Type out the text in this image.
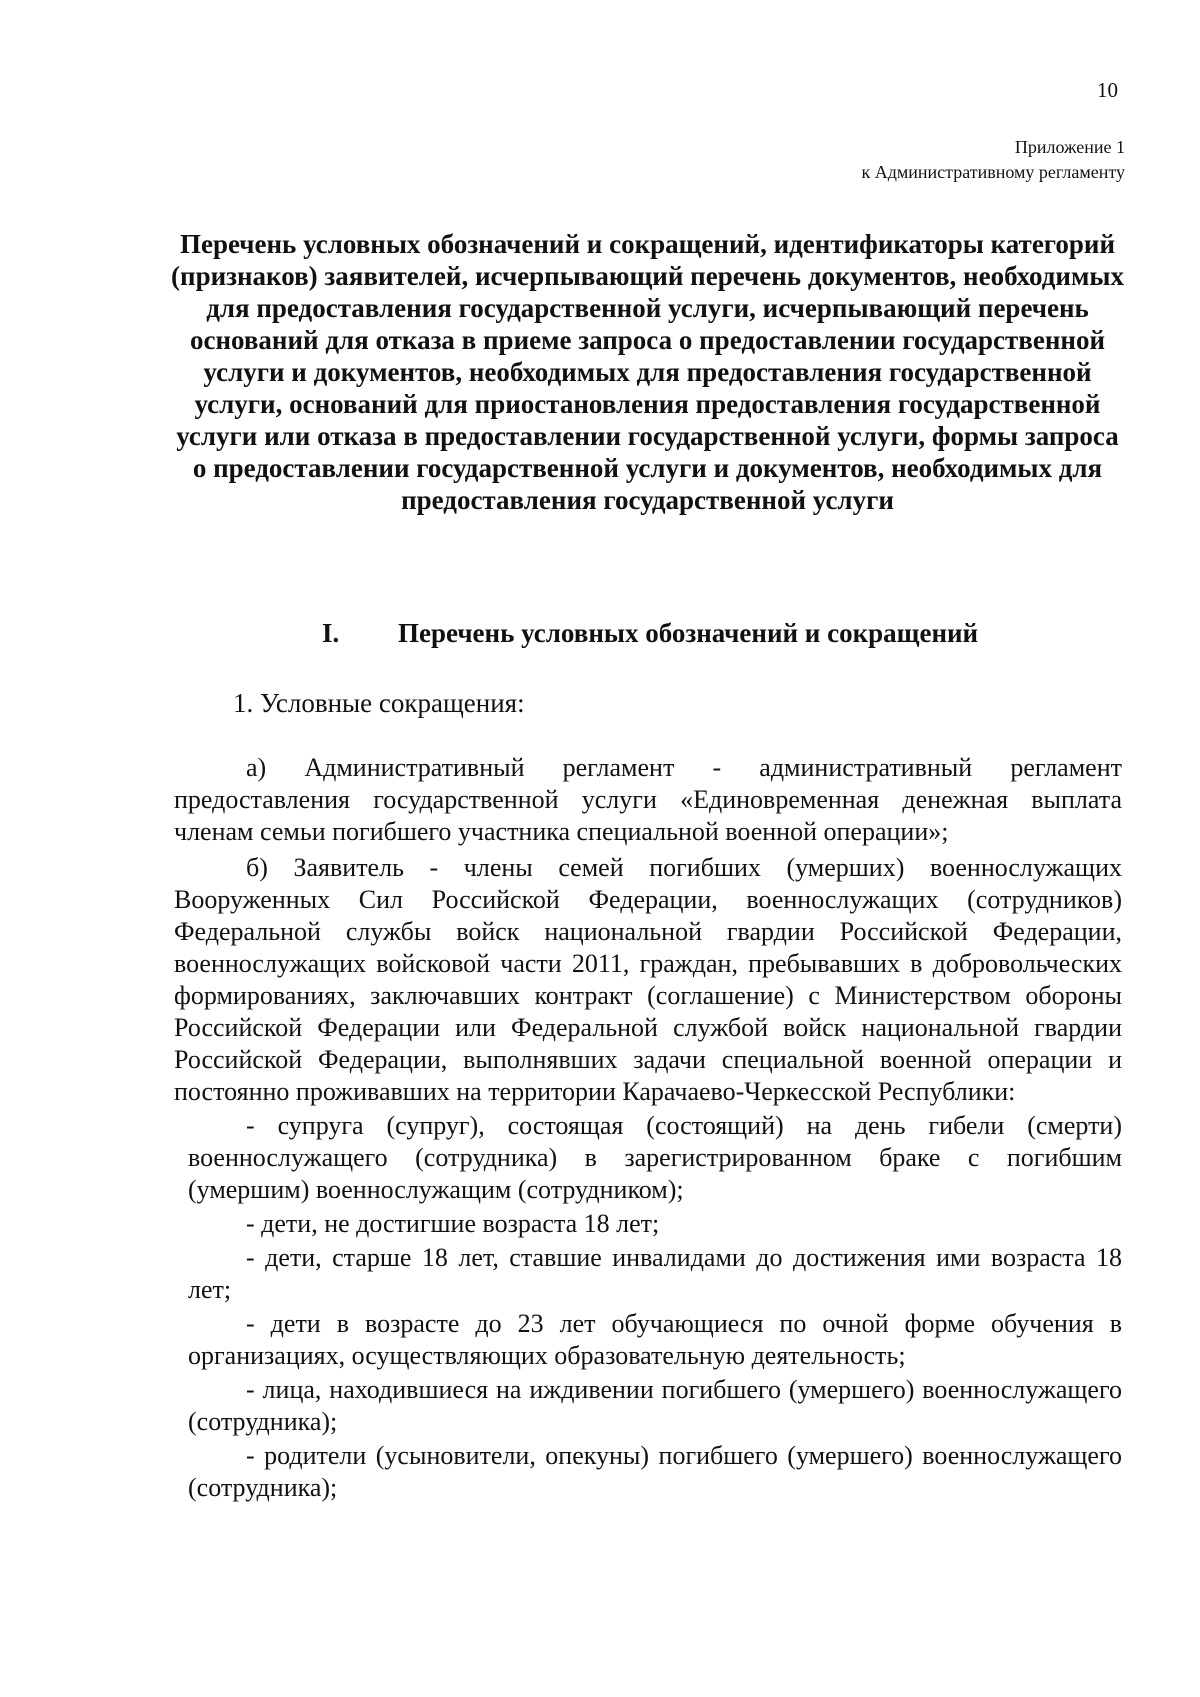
10
Приложение 1
к Административному регламенту
Перечень условных обозначений и сокращений, идентификаторы категорий (признаков) заявителей, исчерпывающий перечень документов, необходимых для предоставления государственной услуги, исчерпывающий перечень оснований для отказа в приеме запроса о предоставлении государственной услуги и документов, необходимых для предоставления государственной услуги, оснований для приостановления предоставления государственной услуги или отказа в предоставлении государственной услуги, формы запроса о предоставлении государственной услуги и документов, необходимых для предоставления государственной услуги
I. Перечень условных обозначений и сокращений
1. Условные сокращения:

а) Административный регламент - административный регламент предоставления государственной услуги «Единовременная денежная выплата членам семьи погибшего участника специальной военной операции»;

б) Заявитель - члены семей погибших (умерших) военнослужащих Вооруженных Сил Российской Федерации, военнослужащих (сотрудников) Федеральной службы войск национальной гвардии Российской Федерации, военнослужащих войсковой части 2011, граждан, пребывавших в добровольческих формированиях, заключавших контракт (соглашение) с Министерством обороны Российской Федерации или Федеральной службой войск национальной гвардии Российской Федерации, выполнявших задачи специальной военной операции и постоянно проживавших на территории Карачаево-Черкесской Республики:

- супруга (супруг), состоящая (состоящий) на день гибели (смерти) военнослужащего (сотрудника) в зарегистрированном браке с погибшим (умершим) военнослужащим (сотрудником);

- дети, не достигшие возраста 18 лет;

- дети, старше 18 лет, ставшие инвалидами до достижения ими возраста 18 лет;

- дети в возрасте до 23 лет обучающиеся по очной форме обучения в организациях, осуществляющих образовательную деятельность;

- лица, находившиеся на иждивении погибшего (умершего) военнослужащего (сотрудника);

- родители (усыновители, опекуны) погибшего (умершего) военнослужащего (сотрудника);
